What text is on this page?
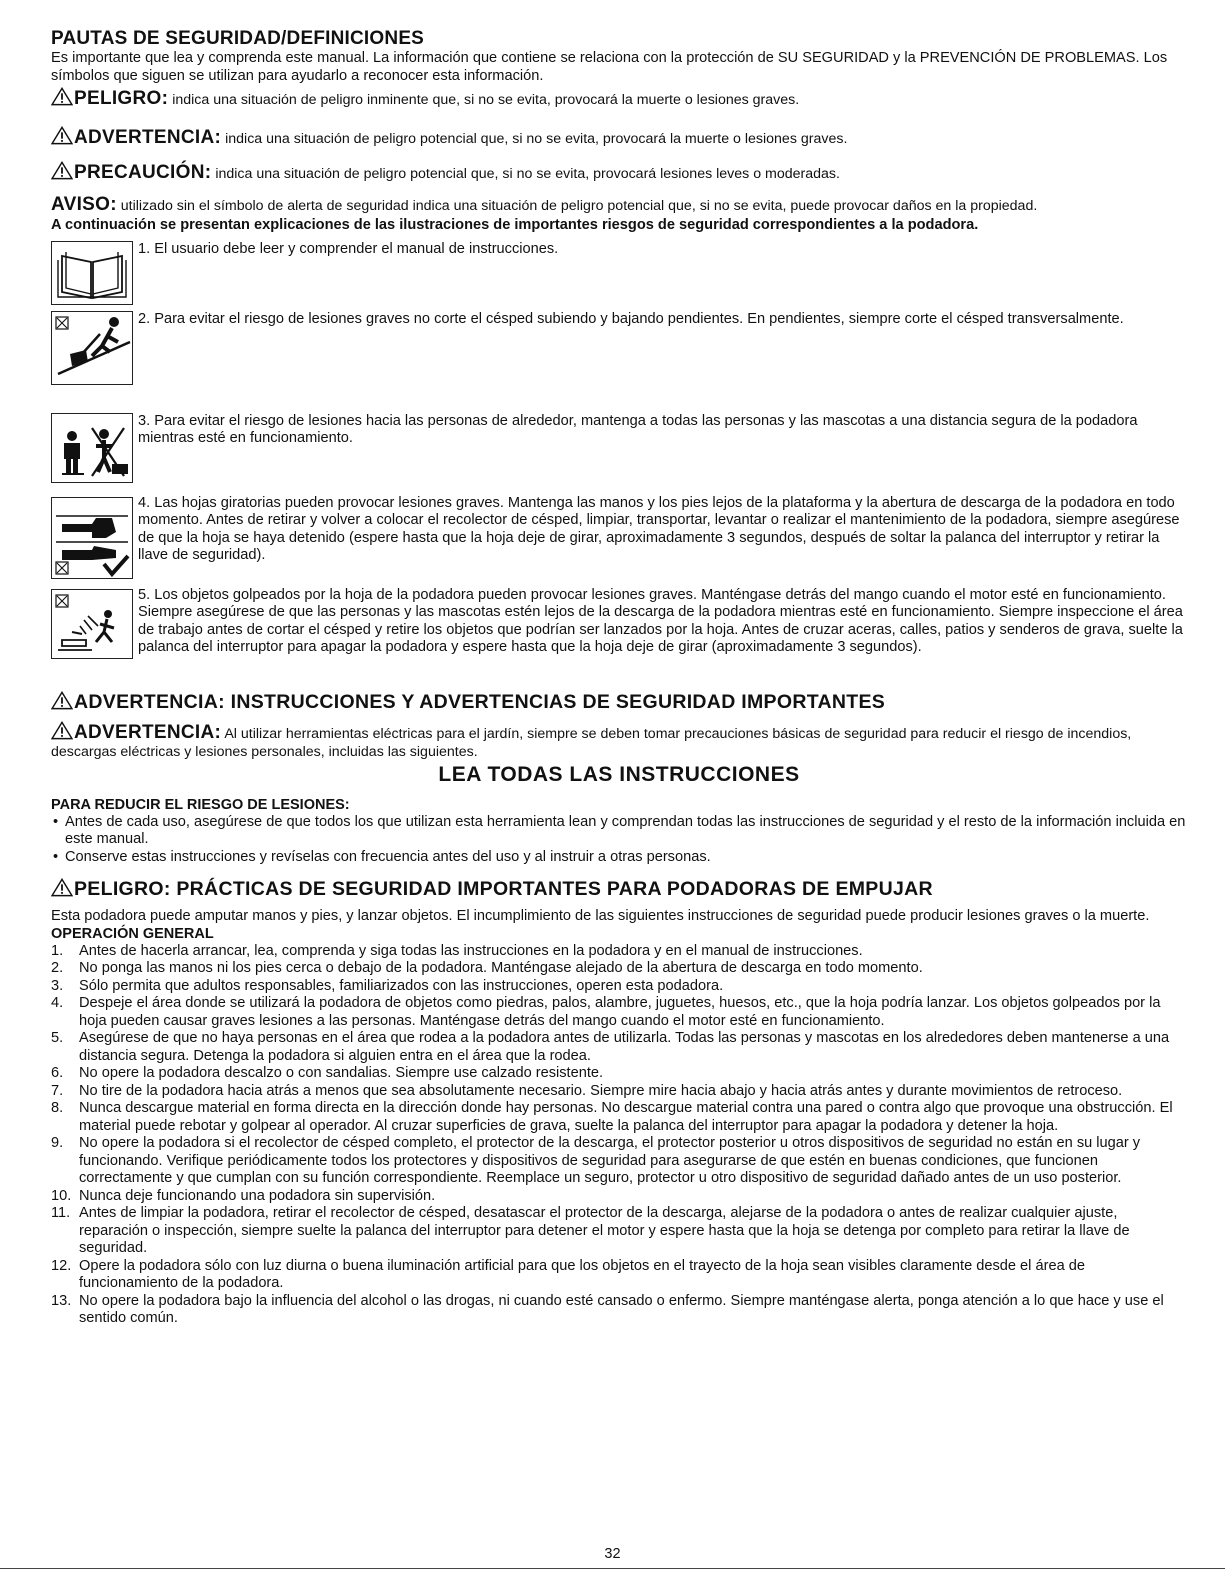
PAUTAS DE SEGURIDAD/DEFINICIONES

Es importante que lea y comprenda este manual. La información que contiene se relaciona con la protección de SU SEGURIDAD y la PREVENCIÓN DE PROBLEMAS. Los símbolos que siguen se utilizan para ayudarlo a reconocer esta información.

PELIGRO: indica una situación de peligro inminente que, si no se evita, provocará la muerte o lesiones graves.

ADVERTENCIA: indica una situación de peligro potencial que, si no se evita, provocará la muerte o lesiones graves.

PRECAUCIÓN: indica una situación de peligro potencial que, si no se evita, provocará lesiones leves o moderadas.

AVISO: utilizado sin el símbolo de alerta de seguridad indica una situación de peligro potencial que, si no se evita, puede provocar daños en la propiedad.

A continuación se presentan explicaciones de las ilustraciones de importantes riesgos de seguridad correspondientes a la podadora.

1. El usuario debe leer y comprender el manual de instrucciones.
2. Para evitar el riesgo de lesiones graves no corte el césped subiendo y bajando pendientes. En pendientes, siempre corte el césped transversalmente.
3. Para evitar el riesgo de lesiones hacia las personas de alrededor, mantenga a todas las personas y las mascotas a una distancia segura de la podadora mientras esté en funcionamiento.
4. Las hojas giratorias pueden provocar lesiones graves. Mantenga las manos y los pies lejos de la plataforma y la abertura de descarga de la podadora en todo momento. Antes de retirar y volver a colocar el recolector de césped, limpiar, transportar, levantar o realizar el mantenimiento de la podadora, siempre asegúrese de que la hoja se haya detenido (espere hasta que la hoja deje de girar, aproximadamente 3 segundos, después de soltar la palanca del interruptor y retirar la llave de seguridad).
5. Los objetos golpeados por la hoja de la podadora pueden provocar lesiones graves. Manténgase detrás del mango cuando el motor esté en funcionamiento. Siempre asegúrese de que las personas y las mascotas estén lejos de la descarga de la podadora mientras esté en funcionamiento. Siempre inspeccione el área de trabajo antes de cortar el césped y retire los objetos que podrían ser lanzados por la hoja. Antes de cruzar aceras, calles, patios y senderos de grava, suelte la palanca del interruptor para apagar la podadora y espere hasta que la hoja deje de girar (aproximadamente 3 segundos).
ADVERTENCIA: INSTRUCCIONES Y ADVERTENCIAS DE SEGURIDAD IMPORTANTES

ADVERTENCIA: Al utilizar herramientas eléctricas para el jardín, siempre se deben tomar precauciones básicas de seguridad para reducir el riesgo de incendios, descargas eléctricas y lesiones personales, incluidas las siguientes.

LEA TODAS LAS INSTRUCCIONES

PARA REDUCIR EL RIESGO DE LESIONES:

• Antes de cada uso, asegúrese de que todos los que utilizan esta herramienta lean y comprendan todas las instrucciones de seguridad y el resto de la información incluida en este manual.
• Conserve estas instrucciones y revíselas con frecuencia antes del uso y al instruir a otras personas.
PELIGRO: PRÁCTICAS DE SEGURIDAD IMPORTANTES PARA PODADORAS DE EMPUJAR

Esta podadora puede amputar manos y pies, y lanzar objetos. El incumplimiento de las siguientes instrucciones de seguridad puede producir lesiones graves o la muerte.

OPERACIÓN GENERAL

1. Antes de hacerla arrancar, lea, comprenda y siga todas las instrucciones en la podadora y en el manual de instrucciones.
2. No ponga las manos ni los pies cerca o debajo de la podadora. Manténgase alejado de la abertura de descarga en todo momento.
3. Sólo permita que adultos responsables, familiarizados con las instrucciones, operen esta podadora.
4. Despeje el área donde se utilizará la podadora de objetos como piedras, palos, alambre, juguetes, huesos, etc., que la hoja podría lanzar. Los objetos golpeados por la hoja pueden causar graves lesiones a las personas. Manténgase detrás del mango cuando el motor esté en funcionamiento.
5. Asegúrese de que no haya personas en el área que rodea a la podadora antes de utilizarla. Todas las personas y mascotas en los alrededores deben mantenerse a una distancia segura. Detenga la podadora si alguien entra en el área que la rodea.
6. No opere la podadora descalzo o con sandalias. Siempre use calzado resistente.
7. No tire de la podadora hacia atrás a menos que sea absolutamente necesario. Siempre mire hacia abajo y hacia atrás antes y durante movimientos de retroceso.
8. Nunca descargue material en forma directa en la dirección donde hay personas. No descargue material contra una pared o contra algo que provoque una obstrucción. El material puede rebotar y golpear al operador. Al cruzar superficies de grava, suelte la palanca del interruptor para apagar la podadora y detener la hoja.
9. No opere la podadora si el recolector de césped completo, el protector de la descarga, el protector posterior u otros dispositivos de seguridad no están en su lugar y funcionando. Verifique periódicamente todos los protectores y dispositivos de seguridad para asegurarse de que estén en buenas condiciones, que funcionen correctamente y que cumplan con su función correspondiente. Reemplace un seguro, protector u otro dispositivo de seguridad dañado antes de un uso posterior.
10. Nunca deje funcionando una podadora sin supervisión.
11. Antes de limpiar la podadora, retirar el recolector de césped, desatascar el protector de la descarga, alejarse de la podadora o antes de realizar cualquier ajuste, reparación o inspección, siempre suelte la palanca del interruptor para detener el motor y espere hasta que la hoja se detenga por completo para retirar la llave de seguridad.
12. Opere la podadora sólo con luz diurna o buena iluminación artificial para que los objetos en el trayecto de la hoja sean visibles claramente desde el área de funcionamiento de la podadora.
13. No opere la podadora bajo la influencia del alcohol o las drogas, ni cuando esté cansado o enfermo. Siempre manténgase alerta, ponga atención a lo que hace y use el sentido común.
32
